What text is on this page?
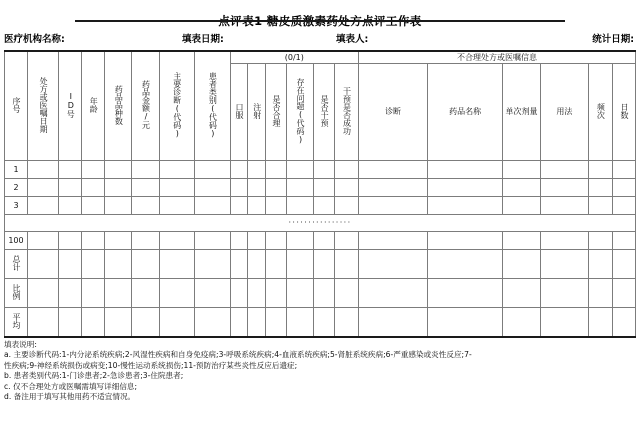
医疗机构名称:	填表日期:	填表人:	统计日期:
序号	处方或医嘱日期	ID号	年龄	药品品种数	药品金额/元	主要诊断(代码)	患者类别(代码)	(0/1)						不合理处方或医嘱信息					
								口服	注射	是否合理	存在问题(代码)	是否干预	干预是否成功	诊断	药品名称	单次剂量	用法	频次	日数
1																			
2																			
3																			
················																			
100																			
总计																			
比例																			
平均																			
填表说明:
a. 主要诊断代码:1-内分泌系统疾病;2-风湿性疾病和自身免疫病;3-呼吸系统疾病;4-血液系统疾病;5-肾脏系统疾病;6-严重感染或炎性反应;7-
性疾病;9-神经系统损伤或病变;10-慢性运动系统损伤;11-预防治疗某些炎性反应后遗症;
b. 患者类别代码:1-门诊患者;2-急诊患者;3-住院患者;
c. 仅不合理处方或医嘱需填写详细信息;
d. 备注用于填写其他用药不适宜情况。
